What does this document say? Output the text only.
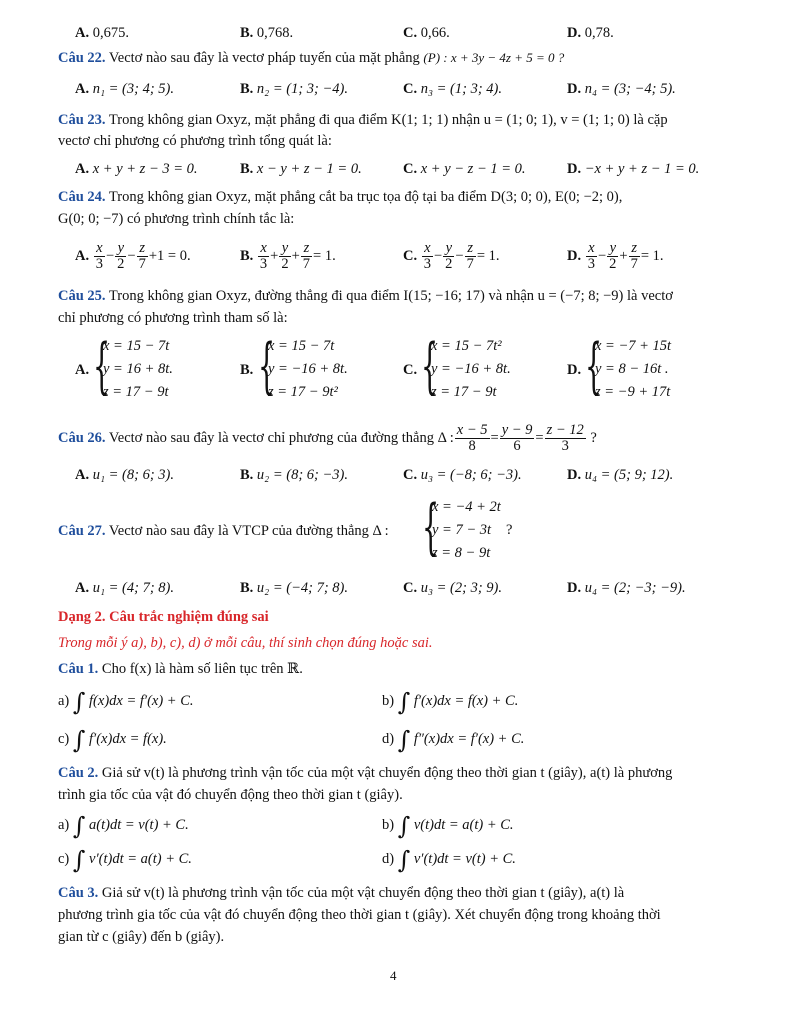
A. 0,675.	B. 0,768.	C. 0,66.	D. 0,78.
Câu 22. Vectơ nào sau đây là vectơ pháp tuyến của mặt phẳng (P) : x + 3y − 4z + 5 = 0 ?
A. n₁ = (3; 4; 5).	B. n₂ = (1; 3; −4).	C. n₃ = (1; 3; 4).	D. n₄ = (3; −4; 5).
Câu 23. Trong không gian Oxyz, mặt phẳng đi qua điểm K(1; 1; 1) nhận u = (1; 0; 1), v = (1; 1; 0) là cặp
vectơ chỉ phương có phương trình tổng quát là:
A. x + y + z − 3 = 0.	B. x − y + z − 1 = 0.	C. x + y − z − 1 = 0.	D. −x + y + z − 1 = 0.
Câu 24. Trong không gian Oxyz, mặt phẳng cắt ba trục tọa độ tại ba điểm D(3; 0; 0), E(0; −2; 0),
G(0; 0; −7) có phương trình chính tắc là:
A. $\frac{x}{3} - \frac{y}{2} - \frac{z}{7} +1 = 0$.	B. $\frac{x}{3} + \frac{y}{2} + \frac{z}{7} = 1$.	C. $\frac{x}{3} - \frac{y}{2} - \frac{z}{7} = 1$.	D. $\frac{x}{3} - \frac{y}{2} + \frac{z}{7} = 1$.
Câu 25. Trong không gian Oxyz, đường thẳng đi qua điểm I(15; −16; 17) và nhận u = (−7; 8; −9) là vectơ
chỉ phương có phương trình tham số là:
A. {
x = 15 − 7t
y = 16 + 8t.
z = 17 − 9t
B. {
x = 15 − 7t
y = −16 + 8t.
z = 17 − 9t²
C. {
x = 15 − 7t²
y = −16 + 8t.
z = 17 − 9t
D. {
x = −7 + 15t
y = 8 − 16t .
z = −9 + 17t
Câu 26. Vectơ nào sau đây là vectơ chỉ phương của đường thẳng Δ : $\frac{x - 5}{8} = \frac{y - 9}{6} = \frac{z - 12}{3}$ ?
A. u₁ = (8; 6; 3).	B. u₂ = (8; 6; −3).	C. u₃ = (−8; 6; −3).	D. u₄ = (5; 9; 12).
Câu 27. Vectơ nào sau đây là VTCP của đường thẳng Δ : {
x = −4 + 2t
y = 7 − 3t
z = 8 − 9t
?
A. u₁ = (4; 7; 8).	B. u₂ = (−4; 7; 8).	C. u₃ = (2; 3; 9).	D. u₄ = (2; −3; −9).
Dạng 2. Câu trắc nghiệm đúng sai
Trong mỗi ý a), b), c), d) ở mỗi câu, thí sinh chọn đúng hoặc sai.
Câu 1. Cho f(x) là hàm số liên tục trên ℝ.
a) ∫ f(x)dx = f′(x) + C.	b) ∫ f′(x)dx = f(x) + C.
c) ∫ f′(x)dx = f(x).	d) ∫ f″(x)dx = f′(x) + C.
Câu 2. Giả sử v(t) là phương trình vận tốc của một vật chuyển động theo thời gian t (giây), a(t) là phương
trình gia tốc của vật đó chuyển động theo thời gian t (giây).
a) ∫ a(t)dt = v(t) + C.	b) ∫ v(t)dt = a(t) + C.
c) ∫ v′(t)dt = a(t) + C.	d) ∫ v′(t)dt = v(t) + C.
Câu 3. Giả sử v(t) là phương trình vận tốc của một vật chuyển động theo thời gian t (giây), a(t) là
phương trình gia tốc của vật đó chuyển động theo thời gian t (giây). Xét chuyển động trong khoảng thời
gian từ c (giây) đến b (giây).
4
